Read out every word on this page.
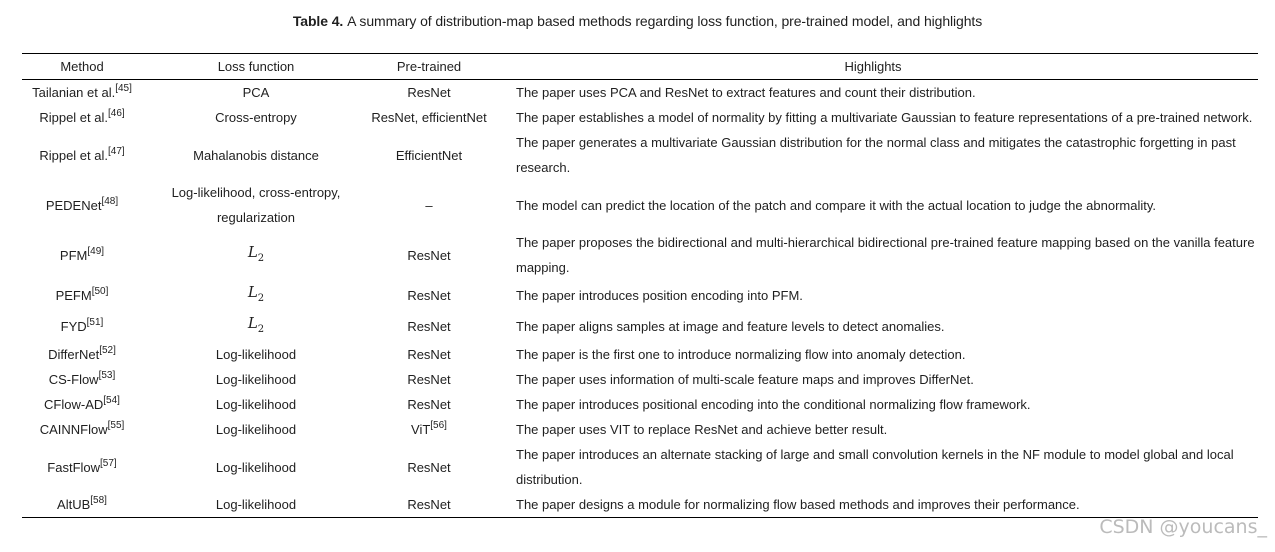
Table 4. A summary of distribution-map based methods regarding loss function, pre-trained model, and highlights
Method	Loss function	Pre-trained	Highlights
Tailanian et al.[45]	PCA	ResNet	The paper uses PCA and ResNet to extract features and count their distribution.
Rippel et al.[46]	Cross-entropy	ResNet, efficientNet	The paper establishes a model of normality by fitting a multivariate Gaussian to feature representations of a pre-trained network.
Rippel et al.[47]	Mahalanobis distance	EfficientNet	The paper generates a multivariate Gaussian distribution for the normal class and mitigates the catastrophic forgetting in past research.
PEDENet[48]	Log-likelihood, cross-entropy, regularization	–	The model can predict the location of the patch and compare it with the actual location to judge the abnormality.
PFM[49]	$L_2$	ResNet	The paper proposes the bidirectional and multi-hierarchical bidirectional pre-trained feature mapping based on the vanilla feature mapping.
PEFM[50]	$L_2$	ResNet	The paper introduces position encoding into PFM.
FYD[51]	$L_2$	ResNet	The paper aligns samples at image and feature levels to detect anomalies.
DifferNet[52]	Log-likelihood	ResNet	The paper is the first one to introduce normalizing flow into anomaly detection.
CS-Flow[53]	Log-likelihood	ResNet	The paper uses information of multi-scale feature maps and improves DifferNet.
CFlow-AD[54]	Log-likelihood	ResNet	The paper introduces positional encoding into the conditional normalizing flow framework.
CAINNFlow[55]	Log-likelihood	ViT[56]	The paper uses VIT to replace ResNet and achieve better result.
FastFlow[57]	Log-likelihood	ResNet	The paper introduces an alternate stacking of large and small convolution kernels in the NF module to model global and local distribution.
AltUB[58]	Log-likelihood	ResNet	The paper designs a module for normalizing flow based methods and improves their performance.
CSDN @youcans_
